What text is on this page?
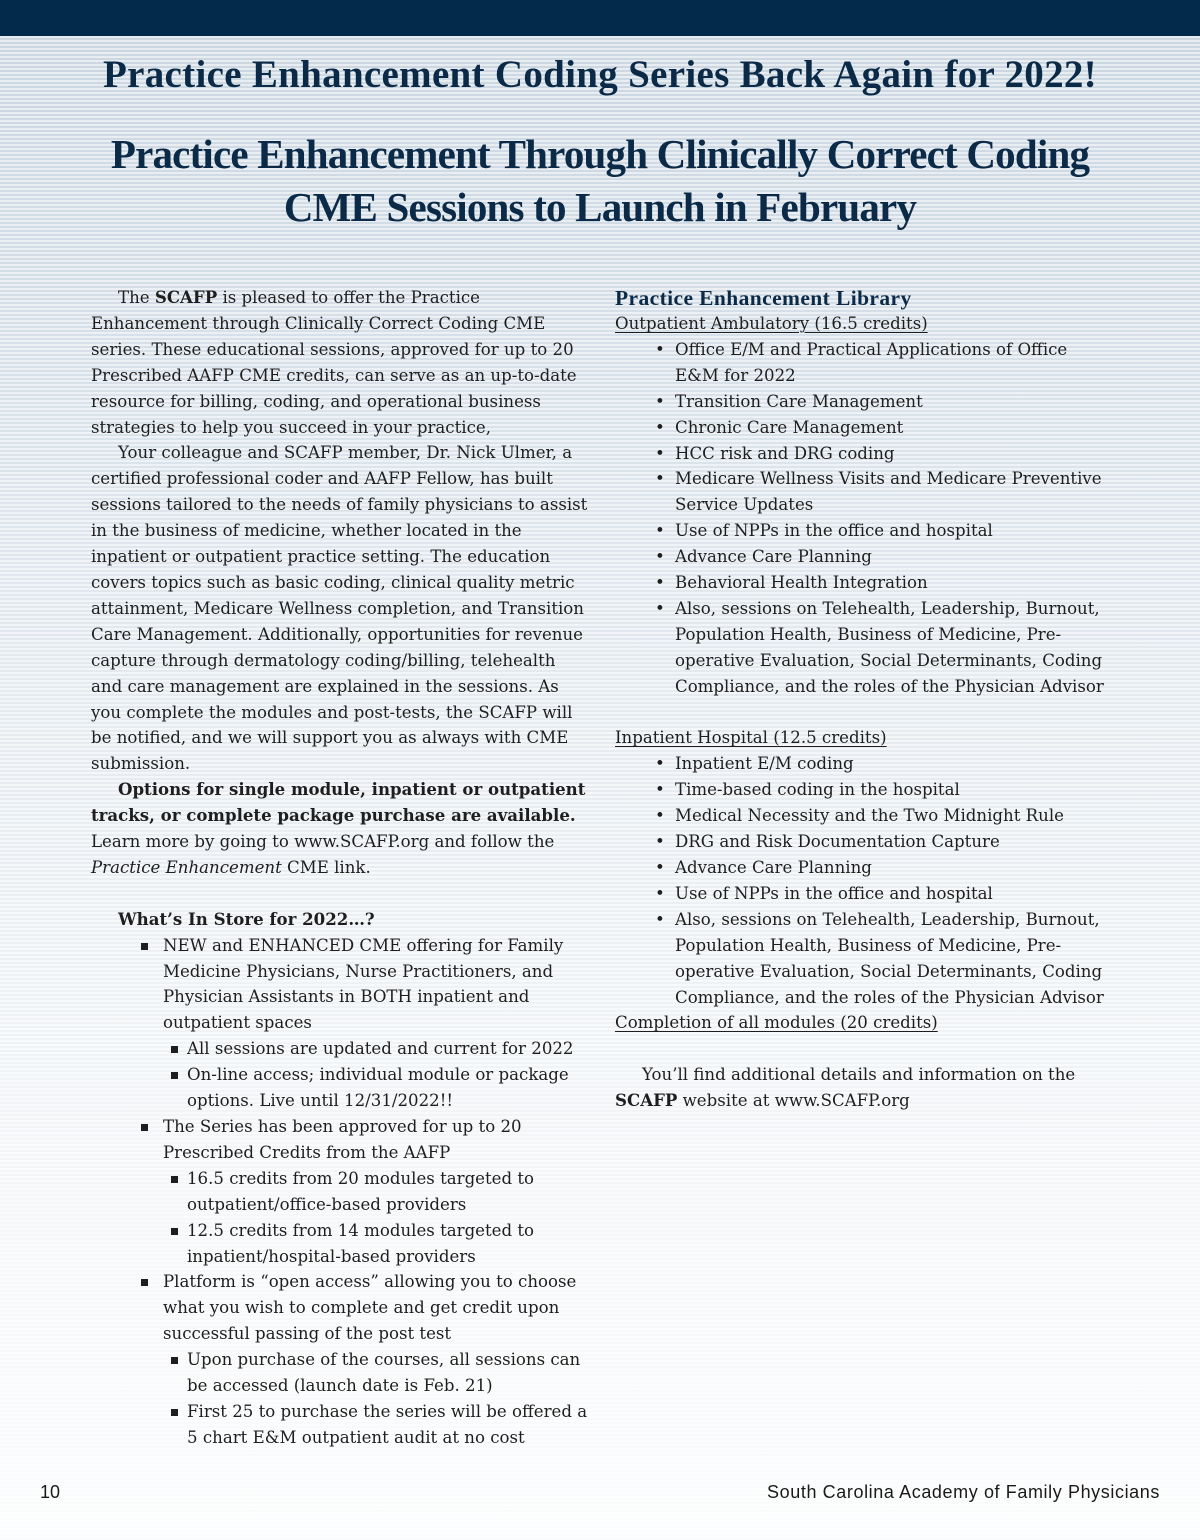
Practice Enhancement Coding Series Back Again for 2022!
Practice Enhancement Through Clinically Correct Coding
CME Sessions to Launch in February

The SCAFP is pleased to offer the Practice Enhancement through Clinically Correct Coding CME series. These educational sessions, approved for up to 20 Prescribed AAFP CME credits, can serve as an up-to-date resource for billing, coding, and operational business strategies to help you succeed in your practice,

Your colleague and SCAFP member, Dr. Nick Ulmer, a certified professional coder and AAFP Fellow, has built sessions tailored to the needs of family physicians to assist in the business of medicine, whether located in the inpatient or outpatient practice setting. The education covers topics such as basic coding, clinical quality metric attainment, Medicare Wellness completion, and Transition Care Management. Additionally, opportunities for revenue capture through dermatology coding/billing, telehealth and care management are explained in the sessions. As you complete the modules and post-tests, the SCAFP will be notified, and we will support you as always with CME submission.

Options for single module, inpatient or outpatient tracks, or complete package purchase are available. Learn more by going to www.SCAFP.org and follow the Practice Enhancement CME link.

What’s In Store for 2022…?

NEW and ENHANCED CME offering for Family Medicine Physicians, Nurse Practitioners, and Physician Assistants in BOTH inpatient and outpatient spaces
All sessions are updated and current for 2022
On-line access; individual module or package options. Live until 12/31/2022!!
The Series has been approved for up to 20 Prescribed Credits from the AAFP
16.5 credits from 20 modules targeted to outpatient/office-based providers
12.5 credits from 14 modules targeted to inpatient/hospital-based providers
Platform is “open access” allowing you to choose what you wish to complete and get credit upon successful passing of the post test
Upon purchase of the courses, all sessions can be accessed (launch date is Feb. 21)
First 25 to purchase the series will be offered a 5 chart E&M outpatient audit at no cost

Practice Enhancement Library

Outpatient Ambulatory (16.5 credits)

• Office E/M and Practical Applications of Office E&M for 2022
• Transition Care Management
• Chronic Care Management
• HCC risk and DRG coding
• Medicare Wellness Visits and Medicare Preventive Service Updates
• Use of NPPs in the office and hospital
• Advance Care Planning
• Behavioral Health Integration
• Also, sessions on Telehealth, Leadership, Burnout, Population Health, Business of Medicine, Pre-operative Evaluation, Social Determinants, Coding Compliance, and the roles of the Physician Advisor

Inpatient Hospital (12.5 credits)

• Inpatient E/M coding
• Time-based coding in the hospital
• Medical Necessity and the Two Midnight Rule
• DRG and Risk Documentation Capture
• Advance Care Planning
• Use of NPPs in the office and hospital
• Also, sessions on Telehealth, Leadership, Burnout, Population Health, Business of Medicine, Pre-operative Evaluation, Social Determinants, Coding Compliance, and the roles of the Physician Advisor

Completion of all modules (20 credits)

You’ll find additional details and information on the SCAFP website at www.SCAFP.org

10	South Carolina Academy of Family Physicians
